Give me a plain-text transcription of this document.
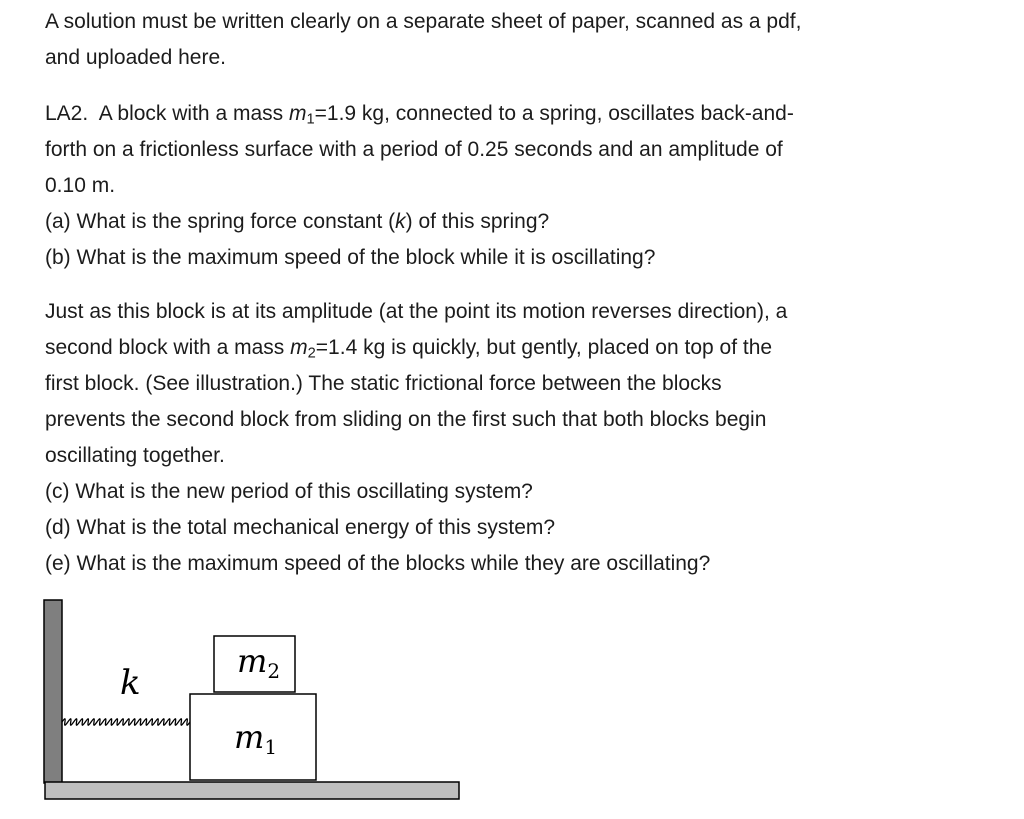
A solution must be written clearly on a separate sheet of paper, scanned as a pdf,

and uploaded here.

LA2. A block with a mass $m_1=1.9$ kg, connected to a spring, oscillates back-and-

forth on a frictionless surface with a period of 0.25 seconds and an amplitude of

0.10 m.

(a) What is the spring force constant (k) of this spring?

(b) What is the maximum speed of the block while it is oscillating?

Just as this block is at its amplitude (at the point its motion reverses direction), a

second block with a mass $m_2=1.4$ kg is quickly, but gently, placed on top of the

first block. (See illustration.) The static frictional force between the blocks

prevents the second block from sliding on the first such that both blocks begin

oscillating together.

(c) What is the new period of this oscillating system?

(d) What is the total mechanical energy of this system?

(e) What is the maximum speed of the blocks while they are oscillating?

k
m2
m1
